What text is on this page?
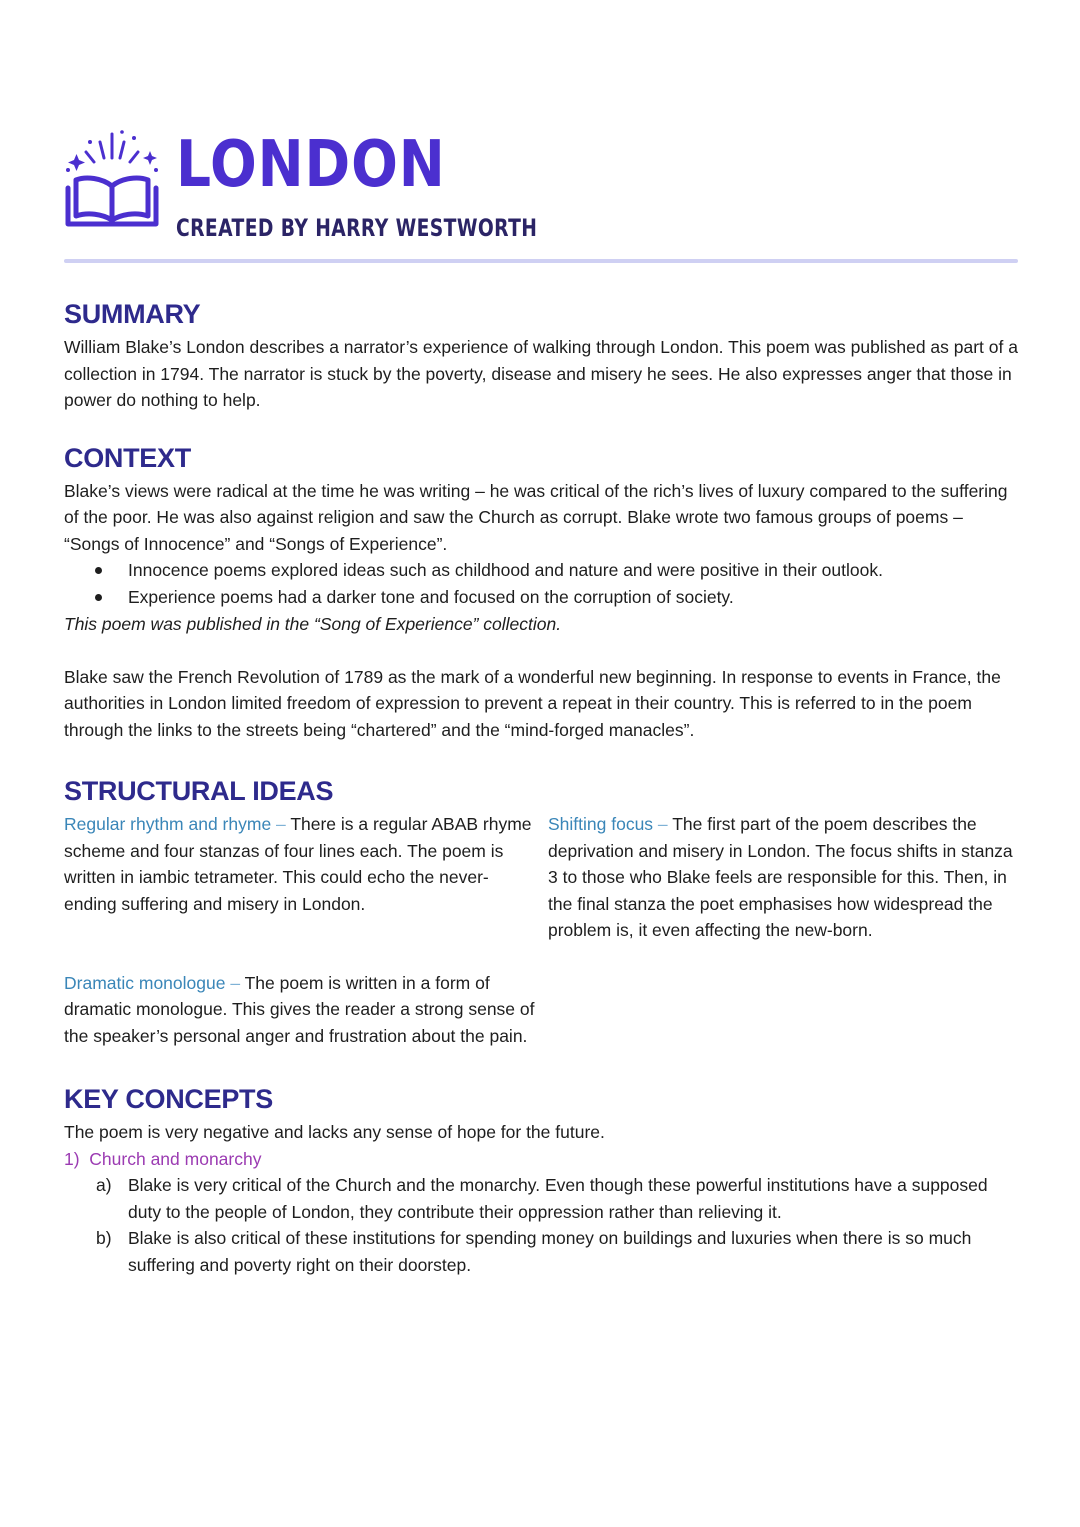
LONDON
CREATED BY HARRY WESTWORTH
SUMMARY

William Blake’s London describes a narrator’s experience of walking through London. This poem was published as part of a collection in 1794. The narrator is stuck by the poverty, disease and misery he sees. He also expresses anger that those in power do nothing to help.

CONTEXT

Blake’s views were radical at the time he was writing – he was critical of the rich’s lives of luxury compared to the suffering of the poor. He was also against religion and saw the Church as corrupt. Blake wrote two famous groups of poems – “Songs of Innocence” and “Songs of Experience”.

Innocence poems explored ideas such as childhood and nature and were positive in their outlook.
Experience poems had a darker tone and focused on the corruption of society.

This poem was published in the “Song of Experience” collection.

Blake saw the French Revolution of 1789 as the mark of a wonderful new beginning. In response to events in France, the authorities in London limited freedom of expression to prevent a repeat in their country. This is referred to in the poem through the links to the streets being “chartered” and the “mind-forged manacles”.

STRUCTURAL IDEAS

Regular rhythm and rhyme – There is a regular ABAB rhyme scheme and four stanzas of four lines each. The poem is written in iambic tetrameter. This could echo the never-ending suffering and misery in London.

Shifting focus – The first part of the poem describes the deprivation and misery in London. The focus shifts in stanza 3 to those who Blake feels are responsible for this. Then, in the final stanza the poet emphasises how widespread the problem is, it even affecting the new-born.

Dramatic monologue – The poem is written in a form of dramatic monologue. This gives the reader a strong sense of the speaker’s personal anger and frustration about the pain.

KEY CONCEPTS

The poem is very negative and lacks any sense of hope for the future.

1) Church and monarchy
a) Blake is very critical of the Church and the monarchy. Even though these powerful institutions have a supposed duty to the people of London, they contribute their oppression rather than relieving it.
b) Blake is also critical of these institutions for spending money on buildings and luxuries when there is so much suffering and poverty right on their doorstep.
